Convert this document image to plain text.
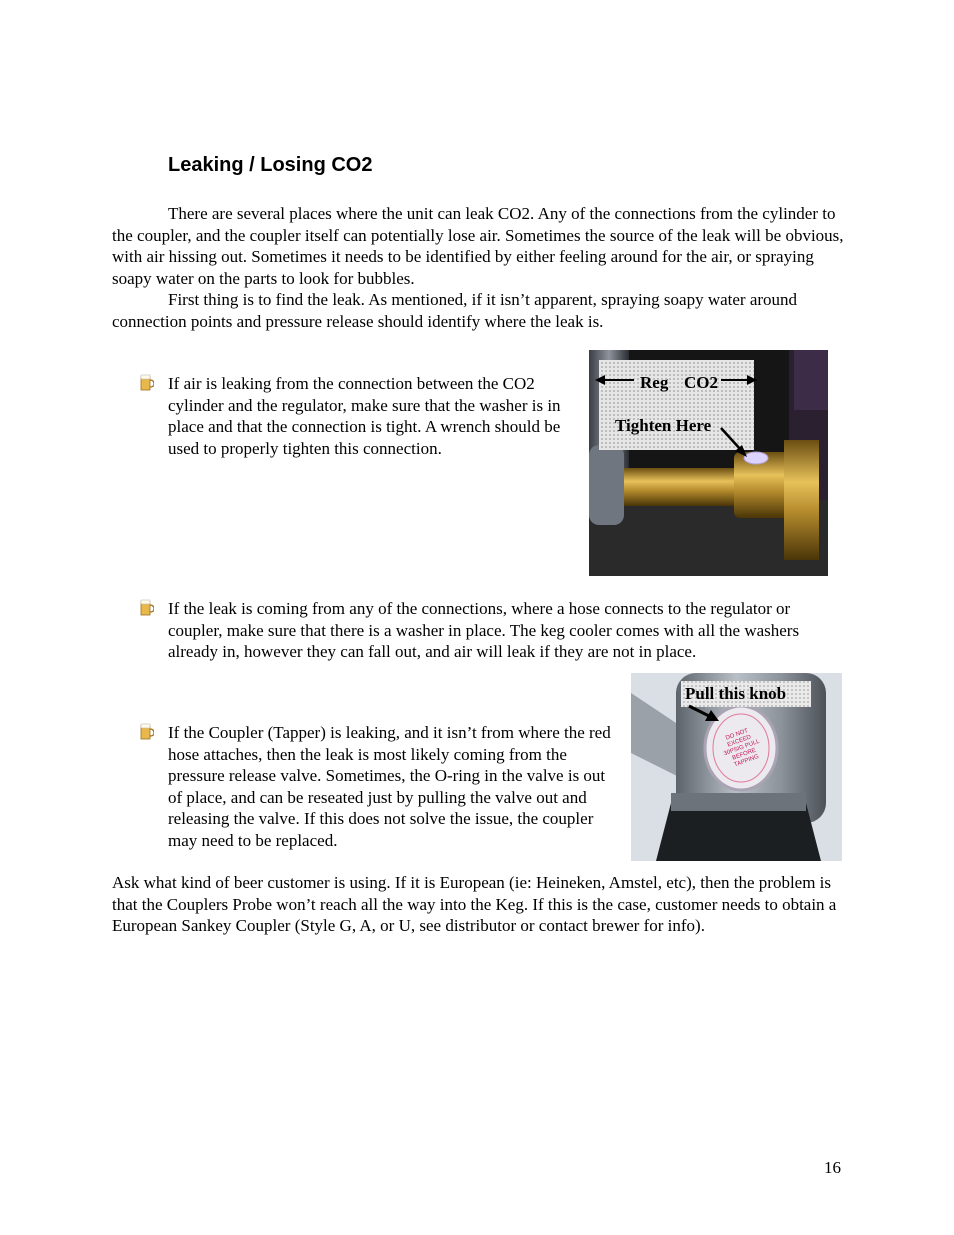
Leaking / Losing CO2
There are several places where the unit can leak CO2. Any of the connections from the cylinder to the coupler, and the coupler itself can potentially lose air. Sometimes the source of the leak will be obvious, with air hissing out. Sometimes it needs to be identified by either feeling around for the air, or spraying soapy water on the parts to look for bubbles.
First thing is to find the leak. As mentioned, if it isn’t apparent, spraying soapy water around connection points and pressure release should identify where the leak is.
If air is leaking from the connection between the CO2 cylinder and the regulator, make sure that the washer is in place and that the connection is tight. A wrench should be used to properly tighten this connection.
Reg CO2
Tighten Here
If the leak is coming from any of the connections, where a hose connects to the regulator or coupler, make sure that there is a washer in place. The keg cooler comes with all the washers already in, however they can fall out, and air will leak if they are not in place.
Pull this knob
DO NOT EXCEED 30PSIG PULL BEFORE TAPPING
If the Coupler (Tapper) is leaking, and it isn’t from where the red hose attaches, then the leak is most likely coming from the pressure release valve. Sometimes, the O-ring in the valve is out of place, and can be reseated just by pulling the valve out and releasing the valve. If this does not solve the issue, the coupler may need to be replaced.
Ask what kind of beer customer is using. If it is European (ie: Heineken, Amstel, etc), then the problem is that the Couplers Probe won’t reach all the way into the Keg. If this is the case, customer needs to obtain a European Sankey Coupler (Style G, A, or U, see distributor or contact brewer for info).
16
